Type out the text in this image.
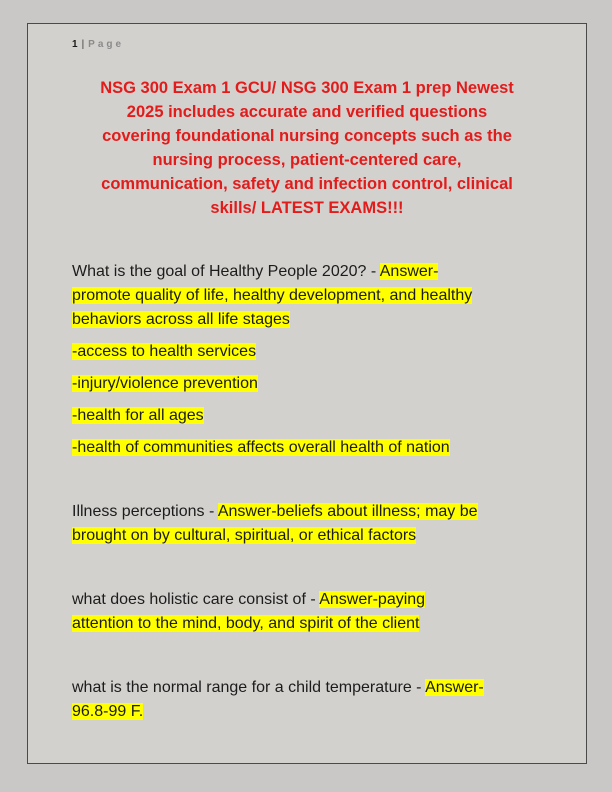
1 | Page
NSG 300 Exam 1 GCU/ NSG 300 Exam 1 prep Newest
2025 includes accurate and verified questions
covering foundational nursing concepts such as the
nursing process, patient-centered care,
communication, safety and infection control, clinical
skills/ LATEST EXAMS!!!

What is the goal of Healthy People 2020? - Answer-
promote quality of life, healthy development, and healthy
behaviors across all life stages

-access to health services

-injury/violence prevention

-health for all ages

-health of communities affects overall health of nation

Illness perceptions - Answer-beliefs about illness; may be
brought on by cultural, spiritual, or ethical factors

what does holistic care consist of - Answer-paying
attention to the mind, body, and spirit of the client

what is the normal range for a child temperature - Answer-
96.8-99 F.
